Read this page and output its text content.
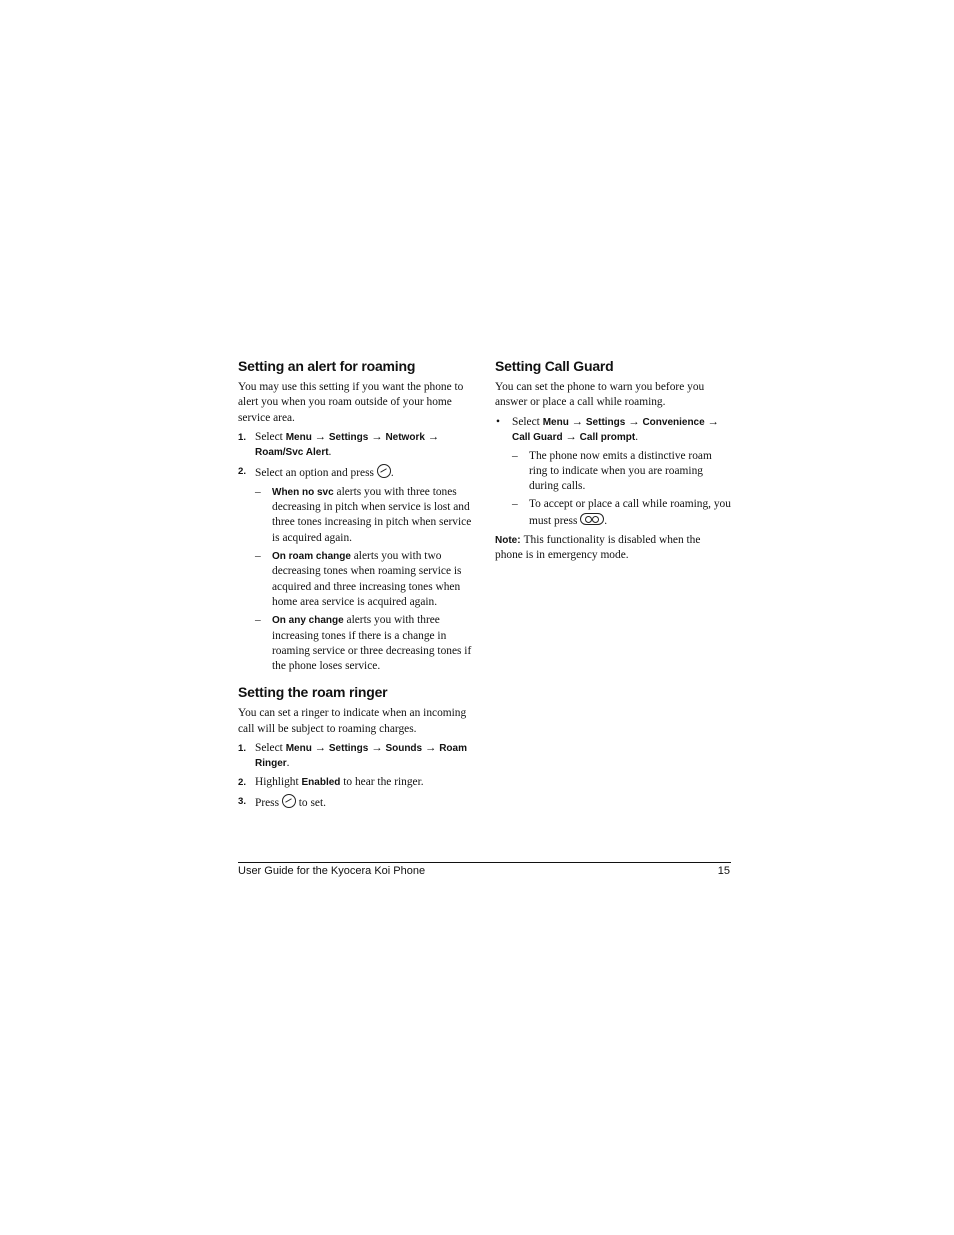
Setting an alert for roaming

You may use this setting if you want the phone to alert you when you roam outside of your home service area.

1. Select Menu → Settings → Network → Roam/Svc Alert.
2. Select an option and press .
– When no svc alerts you with three tones decreasing in pitch when service is lost and three tones increasing in pitch when service is acquired again.
– On roam change alerts you with two decreasing tones when roaming service is acquired and three increasing tones when home area service is acquired again.
– On any change alerts you with three increasing tones if there is a change in roaming service or three decreasing tones if the phone loses service.
Setting the roam ringer

You can set a ringer to indicate when an incoming call will be subject to roaming charges.

1. Select Menu → Settings → Sounds → Roam Ringer.
2. Highlight Enabled to hear the ringer.
3. Press  to set.
Setting Call Guard

You can set the phone to warn you before you answer or place a call while roaming.

• Select Menu → Settings → Convenience → Call Guard → Call prompt.
– The phone now emits a distinctive roam ring to indicate when you are roaming during calls.
– To accept or place a call while roaming, you must press .

Note: This functionality is disabled when the phone is in emergency mode.

User Guide for the Kyocera Koi Phone	15
